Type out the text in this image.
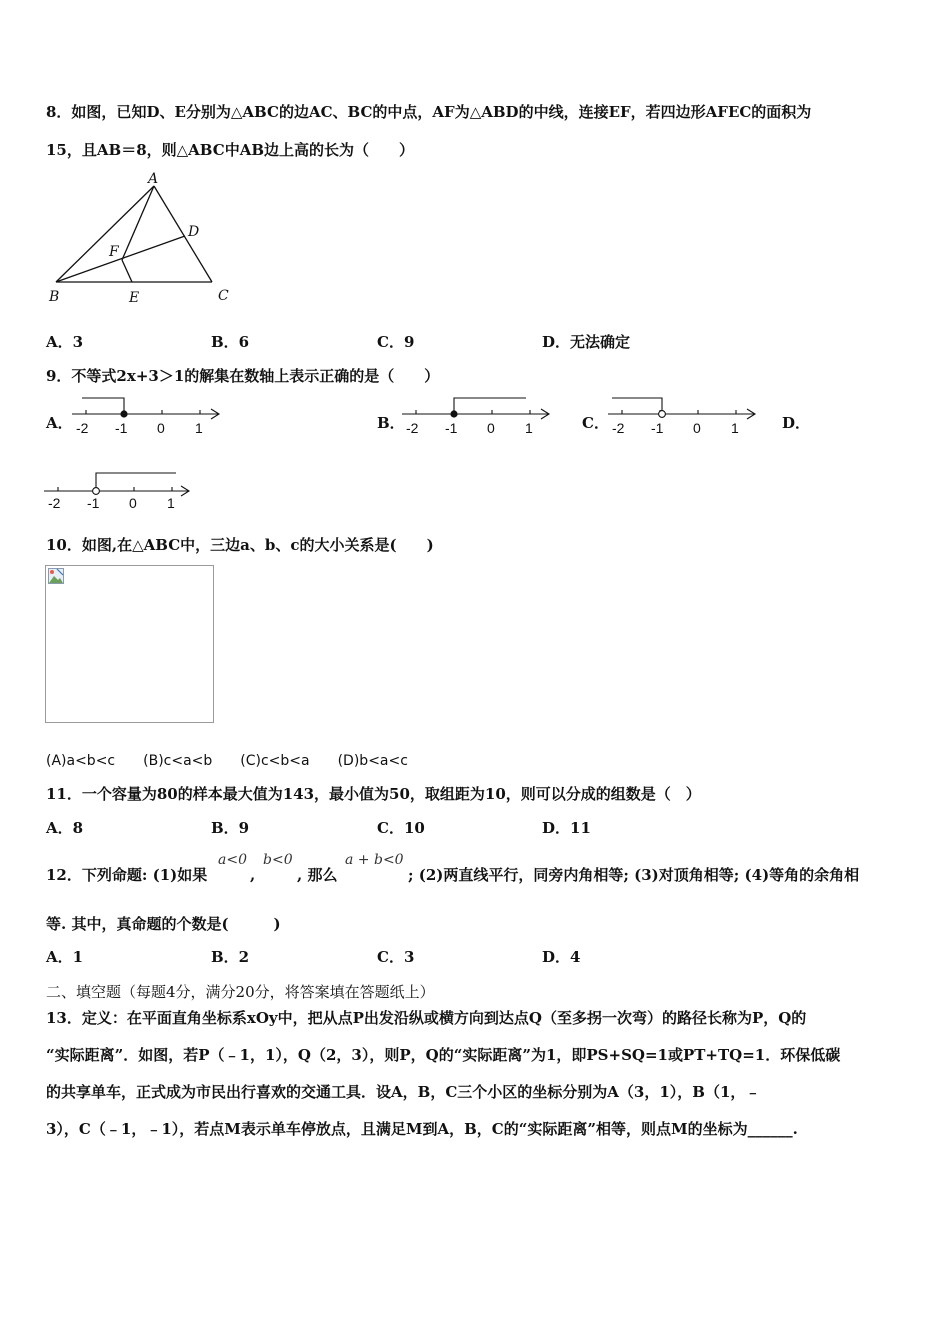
8．如图，已知D、E分别为△ABC的边AC、BC的中点，AF为△ABD的中线，连接EF，若四边形AFEC的面积为
15，且AB＝8，则△ABC中AB边上高的长为（　　）
A
B	C
D
E
F
A．3	B．6	C．9	D．无法确定
9．不等式2x+3＞1的解集在数轴上表示正确的是（　　）
A． -2 -1 0 1	B． -2 -1 0 1	C． -2 -1 0 1	D．
-2 -1 0 1
10．如图,在△ABC中，三边a、b、c的大小关系是(　　)
(A)a<b<c　　(B)c<a<b　　(C)c<b<a　　(D)b<a<c
11．一个容量为80的样本最大值为143，最小值为50，取组距为10，则可以分成的组数是（　）
A．8	B．9	C．10	D．11
12．下列命题: (1)如果
a<0
,
b<0
, 那么
a + b<0
; (2)两直线平行，同旁内角相等; (3)对顶角相等; (4)等角的余角相
等. 其中，真命题的个数是(　　　)
A．1	B．2	C．3	D．4
二、填空题（每题4分，满分20分，将答案填在答题纸上）
13．定义：在平面直角坐标系xOy中，把从点P出发沿纵或横方向到达点Q（至多拐一次弯）的路径长称为P，Q的
“实际距离”．如图，若P（﹣1，1），Q（2，3），则P，Q的“实际距离”为1，即PS+SQ=1或PT+TQ=1．环保低碳
的共享单车，正式成为市民出行喜欢的交通工具．设A，B，C三个小区的坐标分别为A（3，1），B（1，﹣
3），C（﹣1，﹣1），若点M表示单车停放点，且满足M到A，B，C的“实际距离”相等，则点M的坐标为______.
